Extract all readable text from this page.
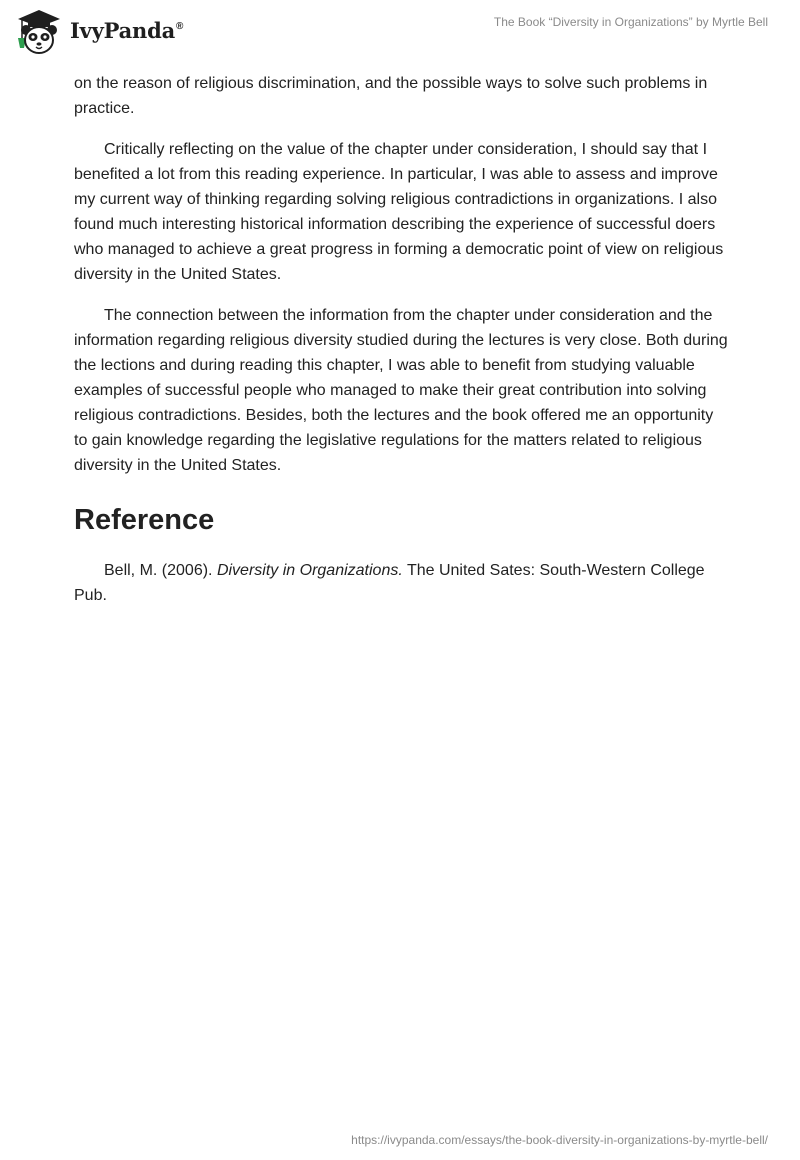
IvyPanda®	The Book “Diversity in Organizations” by Myrtle Bell

on the reason of religious discrimination, and the possible ways to solve such problems in practice.

Critically reflecting on the value of the chapter under consideration, I should say that I benefited a lot from this reading experience. In particular, I was able to assess and improve my current way of thinking regarding solving religious contradictions in organizations. I also found much interesting historical information describing the experience of successful doers who managed to achieve a great progress in forming a democratic point of view on religious diversity in the United States.

The connection between the information from the chapter under consideration and the information regarding religious diversity studied during the lectures is very close. Both during the lections and during reading this chapter, I was able to benefit from studying valuable examples of successful people who managed to make their great contribution into solving religious contradictions. Besides, both the lectures and the book offered me an opportunity to gain knowledge regarding the legislative regulations for the matters related to religious diversity in the United States.

Reference

Bell, M. (2006). Diversity in Organizations. The United Sates: South-Western College Pub.

https://ivypanda.com/essays/the-book-diversity-in-organizations-by-myrtle-bell/
